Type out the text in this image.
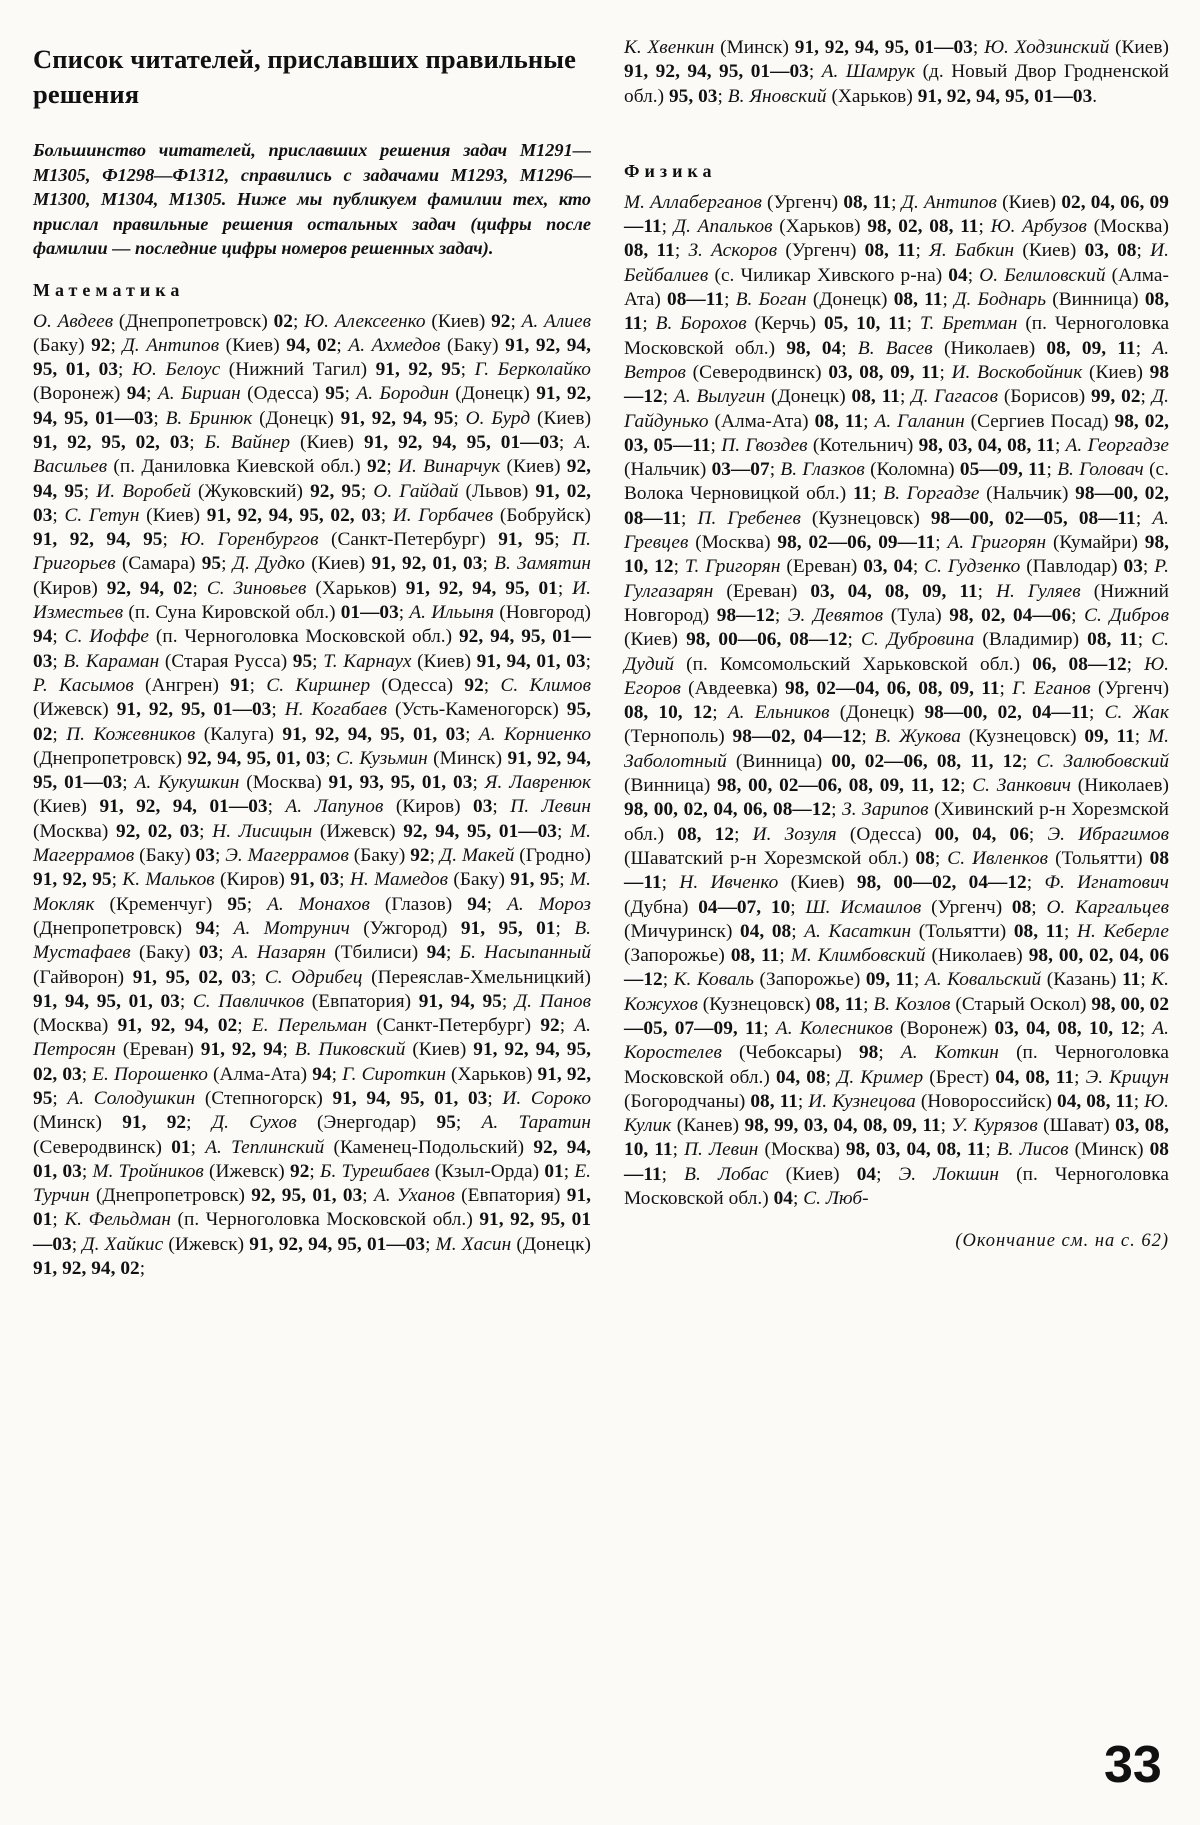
Список читателей, приславших правильные решения

Большинство читателей, приславших решения задач М1291—М1305, Ф1298—Ф1312, справились с задачами М1293, М1296—М1300, М1304, М1305. Ниже мы публикуем фамилии тех, кто прислал правильные решения остальных задач (цифры после фамилии — последние цифры номеров решенных задач).

Математика

О. Авдеев (Днепропетровск) 02; Ю. Алексеенко (Киев) 92; А. Алиев (Баку) 92; Д. Антипов (Киев) 94, 02; А. Ахмедов (Баку) 91, 92, 94, 95, 01, 03; Ю. Белоус (Нижний Тагил) 91, 92, 95; Г. Берколайко (Воронеж) 94; А. Бириан (Одесса) 95; А. Бородин (Донецк) 91, 92, 94, 95, 01—03; В. Бринюк (Донецк) 91, 92, 94, 95; О. Бурд (Киев) 91, 92, 95, 02, 03; Б. Вайнер (Киев) 91, 92, 94, 95, 01—03; А. Васильев (п. Даниловка Киевской обл.) 92; И. Винарчук (Киев) 92, 94, 95; И. Воробей (Жуковский) 92, 95; О. Гайдай (Львов) 91, 02, 03; С. Гетун (Киев) 91, 92, 94, 95, 02, 03; И. Горбачев (Бобруйск) 91, 92, 94, 95; Ю. Горенбургов (Санкт-Петербург) 91, 95; П. Григорьев (Самара) 95; Д. Дудко (Киев) 91, 92, 01, 03; В. Замятин (Киров) 92, 94, 02; С. Зиновьев (Харьков) 91, 92, 94, 95, 01; И. Изместьев (п. Суна Кировской обл.) 01—03; А. Ильыня (Новгород) 94; С. Иоффе (п. Черноголовка Московской обл.) 92, 94, 95, 01—03; В. Караман (Старая Русса) 95; Т. Карнаух (Киев) 91, 94, 01, 03; Р. Касымов (Ангрен) 91; С. Киршнер (Одесса) 92; С. Климов (Ижевск) 91, 92, 95, 01—03; Н. Когабаев (Усть-Каменогорск) 95, 02; П. Кожевников (Калуга) 91, 92, 94, 95, 01, 03; А. Корниенко (Днепропетровск) 92, 94, 95, 01, 03; С. Кузьмин (Минск) 91, 92, 94, 95, 01—03; А. Кукушкин (Москва) 91, 93, 95, 01, 03; Я. Лавренюк (Киев) 91, 92, 94, 01—03; А. Лапунов (Киров) 03; П. Левин (Москва) 92, 02, 03; Н. Лисицын (Ижевск) 92, 94, 95, 01—03; М. Магеррамов (Баку) 03; Э. Магеррамов (Баку) 92; Д. Макей (Гродно) 91, 92, 95; К. Мальков (Киров) 91, 03; Н. Мамедов (Баку) 91, 95; М. Мокляк (Кременчуг) 95; А. Монахов (Глазов) 94; А. Мороз (Днепропетровск) 94; А. Мотрунич (Ужгород) 91, 95, 01; В. Мустафаев (Баку) 03; А. Назарян (Тбилиси) 94; Б. Насыпанный (Гайворон) 91, 95, 02, 03; С. Одрибец (Переяслав-Хмельницкий) 91, 94, 95, 01, 03; С. Павличков (Евпатория) 91, 94, 95; Д. Панов (Москва) 91, 92, 94, 02; Е. Перельман (Санкт-Петербург) 92; А. Петросян (Ереван) 91, 92, 94; В. Пиковский (Киев) 91, 92, 94, 95, 02, 03; Е. Порошенко (Алма-Ата) 94; Г. Сироткин (Харьков) 91, 92, 95; А. Солодушкин (Степногорск) 91, 94, 95, 01, 03; И. Сороко (Минск) 91, 92; Д. Сухов (Энергодар) 95; А. Таратин (Северодвинск) 01; А. Теплинский (Каменец-Подольский) 92, 94, 01, 03; М. Тройников (Ижевск) 92; Б. Турешбаев (Кзыл-Орда) 01; Е. Турчин (Днепропетровск) 92, 95, 01, 03; А. Уханов (Евпатория) 91, 01; К. Фельдман (п. Черноголовка Московской обл.) 91, 92, 95, 01—03; Д. Хайкис (Ижевск) 91, 92, 94, 95, 01—03; М. Хасин (Донецк) 91, 92, 94, 02;

К. Хвенкин (Минск) 91, 92, 94, 95, 01—03; Ю. Ходзинский (Киев) 91, 92, 94, 95, 01—03; А. Шамрук (д. Новый Двор Гродненской обл.) 95, 03; В. Яновский (Харьков) 91, 92, 94, 95, 01—03.

Физика

М. Аллаберганов (Ургенч) 08, 11; Д. Антипов (Киев) 02, 04, 06, 09—11; Д. Апальков (Харьков) 98, 02, 08, 11; Ю. Арбузов (Москва) 08, 11; З. Аскоров (Ургенч) 08, 11; Я. Бабкин (Киев) 03, 08; И. Бейбалиев (с. Чиликар Хивского р-на) 04; О. Белиловский (Алма-Ата) 08—11; В. Боган (Донецк) 08, 11; Д. Боднарь (Винница) 08, 11; В. Борохов (Керчь) 05, 10, 11; Т. Бретман (п. Черноголовка Московской обл.) 98, 04; В. Васев (Николаев) 08, 09, 11; А. Ветров (Северодвинск) 03, 08, 09, 11; И. Воскобойник (Киев) 98—12; А. Вылугин (Донецк) 08, 11; Д. Гагасов (Борисов) 99, 02; Д. Гайдунько (Алма-Ата) 08, 11; А. Галанин (Сергиев Посад) 98, 02, 03, 05—11; П. Гвоздев (Котельнич) 98, 03, 04, 08, 11; А. Георгадзе (Нальчик) 03—07; В. Глазков (Коломна) 05—09, 11; В. Головач (с. Волока Черновицкой обл.) 11; В. Горгадзе (Нальчик) 98—00, 02, 08—11; П. Гребенев (Кузнецовск) 98—00, 02—05, 08—11; А. Гревцев (Москва) 98, 02—06, 09—11; А. Григорян (Кумайри) 98, 10, 12; Т. Григорян (Ереван) 03, 04; С. Гудзенко (Павлодар) 03; Р. Гулгазарян (Ереван) 03, 04, 08, 09, 11; Н. Гуляев (Нижний Новгород) 98—12; Э. Девятов (Тула) 98, 02, 04—06; С. Дибров (Киев) 98, 00—06, 08—12; С. Дубровина (Владимир) 08, 11; С. Дудий (п. Комсомольский Харьковской обл.) 06, 08—12; Ю. Егоров (Авдеевка) 98, 02—04, 06, 08, 09, 11; Г. Еганов (Ургенч) 08, 10, 12; А. Ельников (Донецк) 98—00, 02, 04—11; С. Жак (Тернополь) 98—02, 04—12; В. Жукова (Кузнецовск) 09, 11; М. Заболотный (Винница) 00, 02—06, 08, 11, 12; С. Залюбовский (Винница) 98, 00, 02—06, 08, 09, 11, 12; С. Занкович (Николаев) 98, 00, 02, 04, 06, 08—12; З. Зарипов (Хивинский р-н Хорезмской обл.) 08, 12; И. Зозуля (Одесса) 00, 04, 06; Э. Ибрагимов (Шаватский р-н Хорезмской обл.) 08; С. Ивленков (Тольятти) 08—11; Н. Ивченко (Киев) 98, 00—02, 04—12; Ф. Игнатович (Дубна) 04—07, 10; Ш. Исмаилов (Ургенч) 08; О. Каргальцев (Мичуринск) 04, 08; А. Касаткин (Тольятти) 08, 11; Н. Кеберле (Запорожье) 08, 11; М. Климбовский (Николаев) 98, 00, 02, 04, 06—12; К. Коваль (Запорожье) 09, 11; А. Ковальский (Казань) 11; К. Кожухов (Кузнецовск) 08, 11; В. Козлов (Старый Оскол) 98, 00, 02—05, 07—09, 11; А. Колесников (Воронеж) 03, 04, 08, 10, 12; А. Коростелев (Чебоксары) 98; А. Коткин (п. Черноголовка Московской обл.) 04, 08; Д. Кример (Брест) 04, 08, 11; Э. Крицун (Богородчаны) 08, 11; И. Кузнецова (Новороссийск) 04, 08, 11; Ю. Кулик (Канев) 98, 99, 03, 04, 08, 09, 11; У. Курязов (Шават) 03, 08, 10, 11; П. Левин (Москва) 98, 03, 04, 08, 11; В. Лисов (Минск) 08—11; В. Лобас (Киев) 04; Э. Локшин (п. Черноголовка Московской обл.) 04; С. Люб-

(Окончание см. на с. 62)

33
